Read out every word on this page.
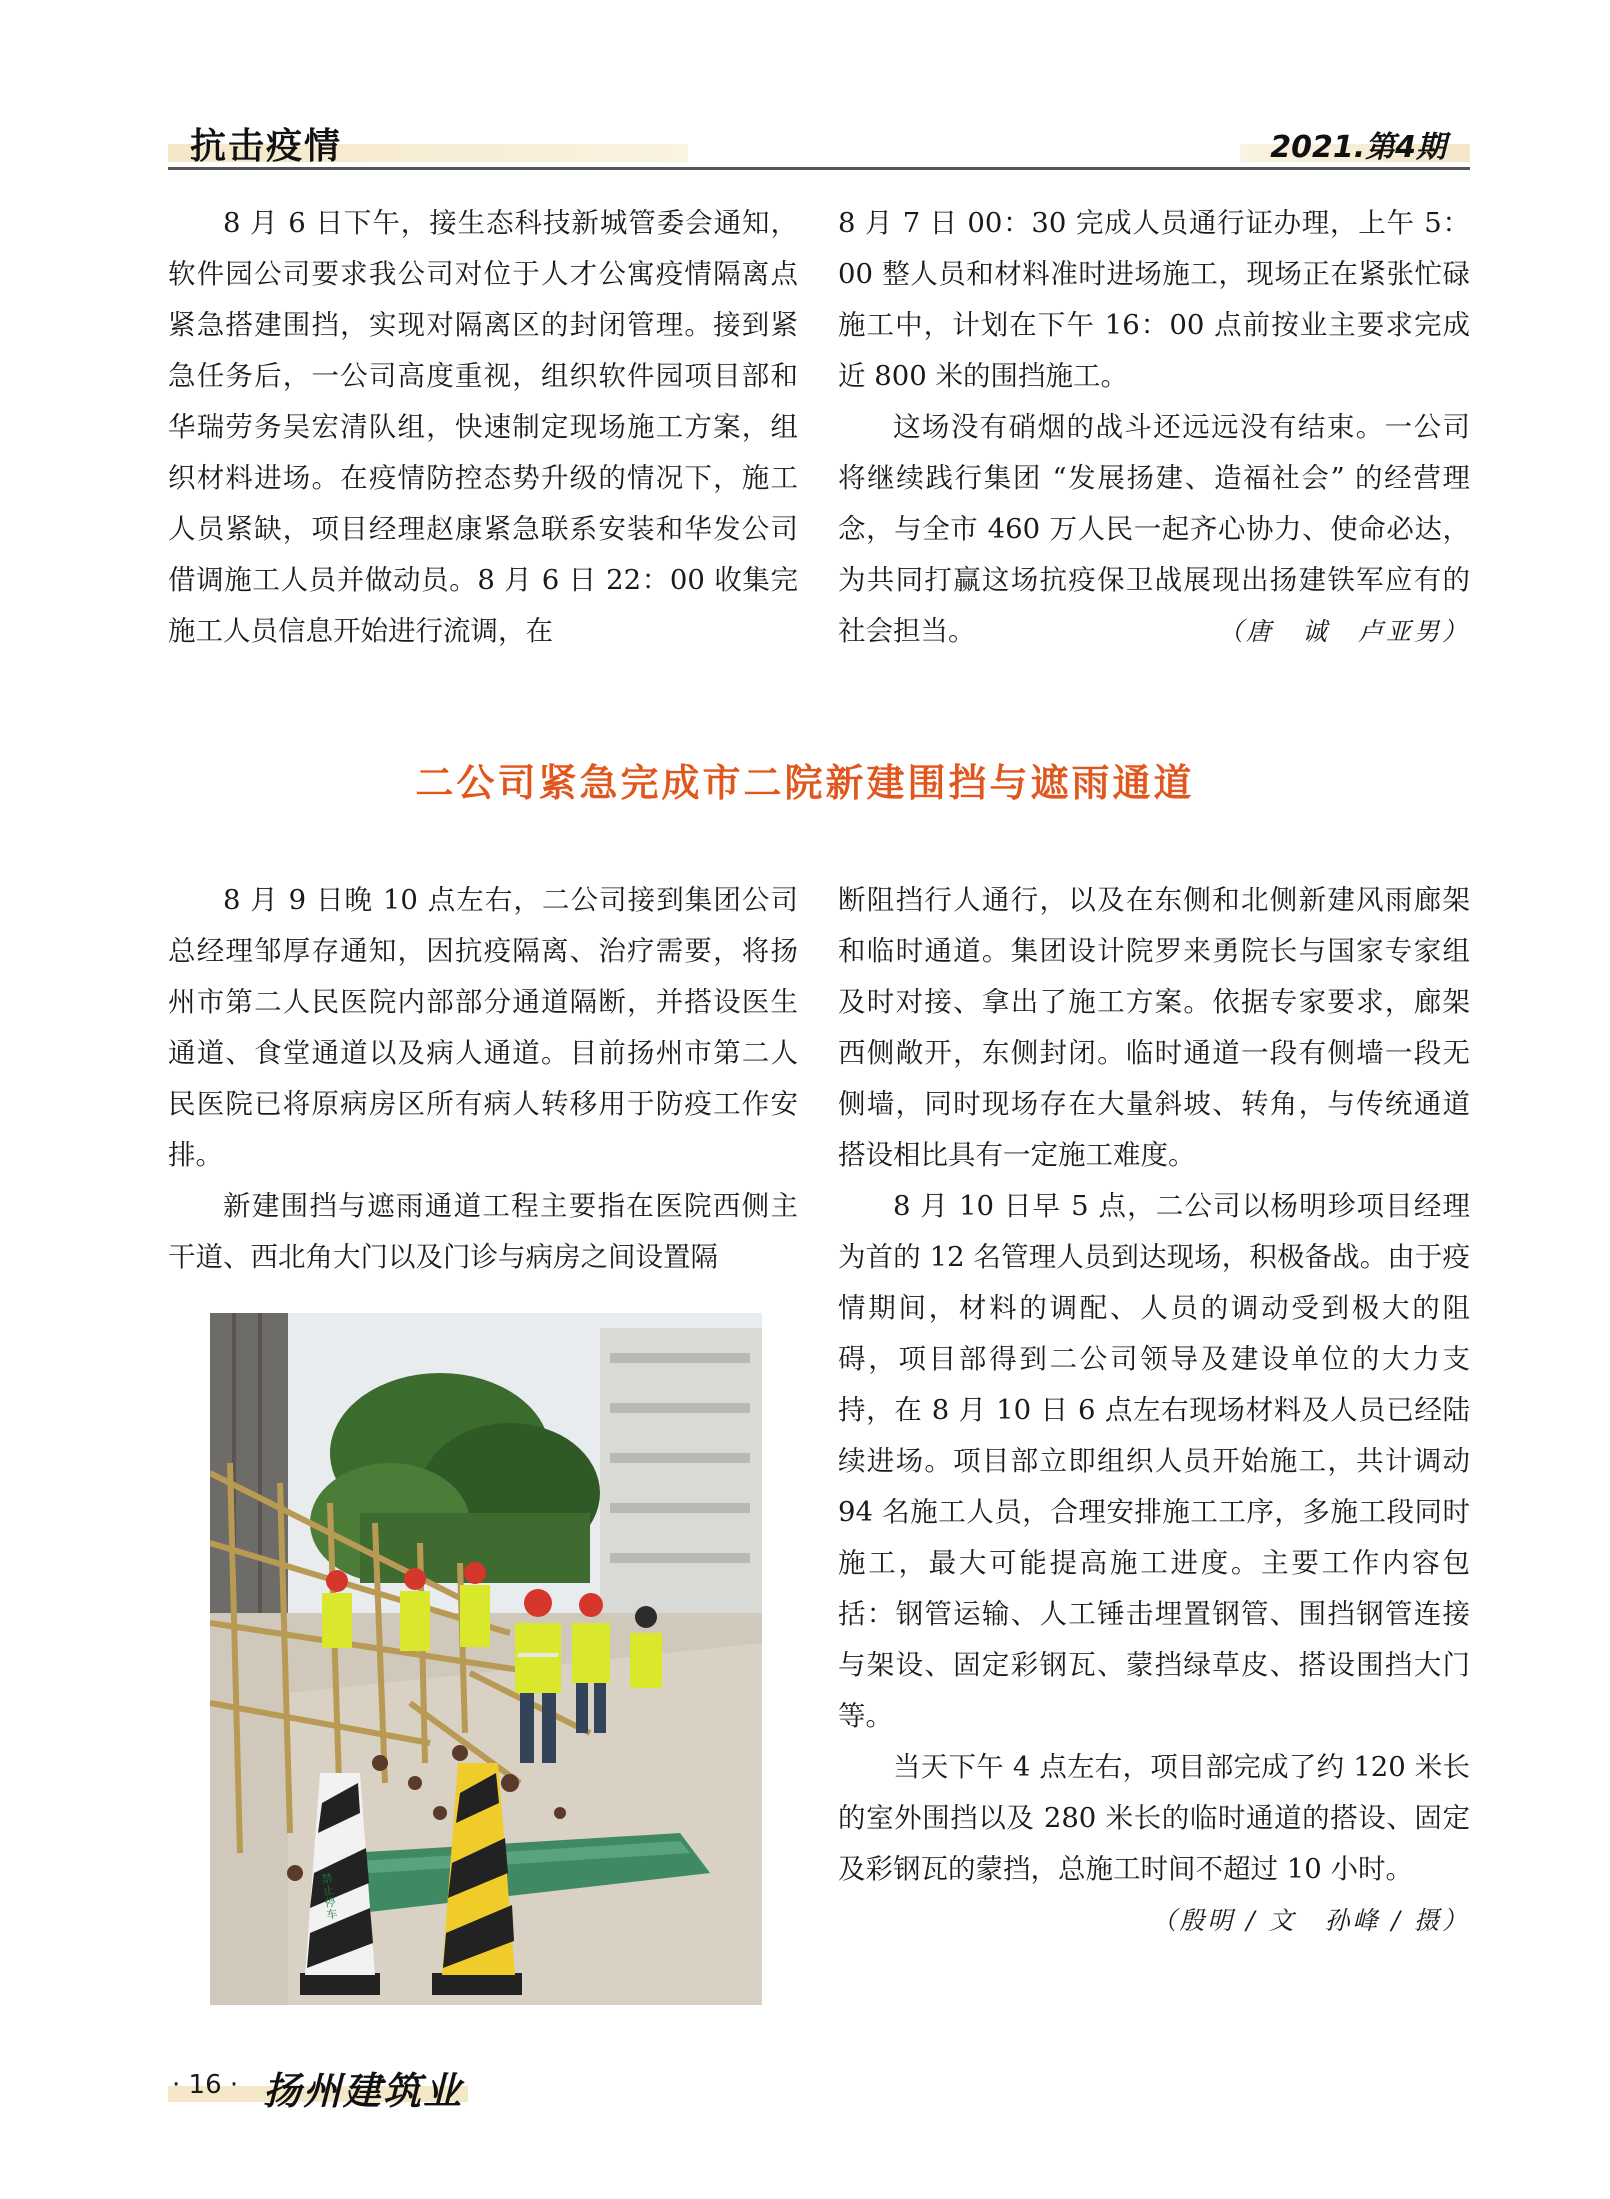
抗击疫情	2021.第4期

8 月 6 日下午，接生态科技新城管委会通知，软件园公司要求我公司对位于人才公寓疫情隔离点紧急搭建围挡，实现对隔离区的封闭管理。接到紧急任务后，一公司高度重视，组织软件园项目部和华瑞劳务吴宏清队组，快速制定现场施工方案，组织材料进场。在疫情防控态势升级的情况下，施工人员紧缺，项目经理赵康紧急联系安装和华发公司借调施工人员并做动员。8 月 6 日 22：00 收集完施工人员信息开始进行流调，在

8 月 7 日 00：30 完成人员通行证办理，上午 5：00 整人员和材料准时进场施工，现场正在紧张忙碌施工中，计划在下午 16：00 点前按业主要求完成近 800 米的围挡施工。

这场没有硝烟的战斗还远远没有结束。一公司将继续践行集团 “发展扬建、造福社会” 的经营理念，与全市 460 万人民一起齐心协力、使命必达，为共同打赢这场抗疫保卫战展现出扬建铁军应有的社会担当。	（唐　诚　卢亚男）

二公司紧急完成市二院新建围挡与遮雨通道

8 月 9 日晚 10 点左右，二公司接到集团公司总经理邹厚存通知，因抗疫隔离、治疗需要，将扬州市第二人民医院内部部分通道隔断，并搭设医生通道、食堂通道以及病人通道。目前扬州市第二人民医院已将原病房区所有病人转移用于防疫工作安排。

新建围挡与遮雨通道工程主要指在医院西侧主干道、西北角大门以及门诊与病房之间设置隔

断阻挡行人通行，以及在东侧和北侧新建风雨廊架和临时通道。集团设计院罗来勇院长与国家专家组及时对接、拿出了施工方案。依据专家要求，廊架西侧敞开，东侧封闭。临时通道一段有侧墙一段无侧墙，同时现场存在大量斜坡、转角，与传统通道搭设相比具有一定施工难度。

8 月 10 日早 5 点，二公司以杨明珍项目经理为首的 12 名管理人员到达现场，积极备战。由于疫情期间，材料的调配、人员的调动受到极大的阻碍，项目部得到二公司领导及建设单位的大力支持，在 8 月 10 日 6 点左右现场材料及人员已经陆续进场。项目部立即组织人员开始施工，共计调动 94 名施工人员，合理安排施工工序，多施工段同时施工，最大可能提高施工进度。主要工作内容包括：钢管运输、人工锤击埋置钢管、围挡钢管连接与架设、固定彩钢瓦、蒙挡绿草皮、搭设围挡大门等。

当天下午 4 点左右，项目部完成了约 120 米长的室外围挡以及 280 米长的临时通道的搭设、固定及彩钢瓦的蒙挡，总施工时间不超过 10 小时。
（殷明 / 文　孙峰 / 摄）

禁止停车
· 16 · 扬州建筑业
